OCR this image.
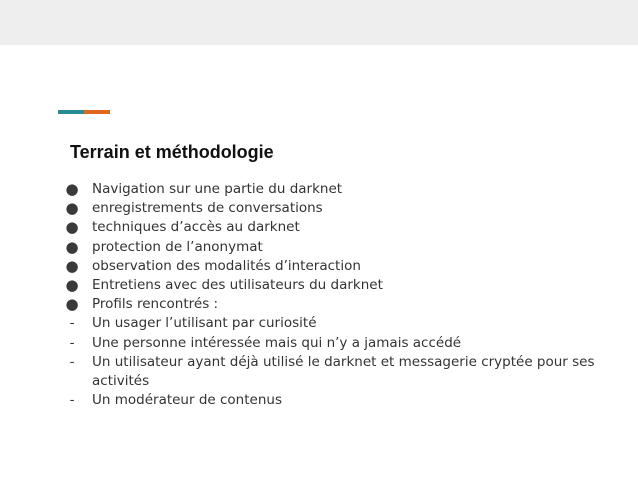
Terrain et méthodologie
● Navigation sur une partie du darknet
● enregistrements de conversations
● techniques d’accès au darknet
● protection de l’anonymat
● observation des modalités d’interaction
● Entretiens avec des utilisateurs du darknet
● Profils rencontrés :
-	Un usager l’utilisant par curiosité
-	Une personne intéressée mais qui n’y a jamais accédé
-	Un utilisateur ayant déjà utilisé le darknet et messagerie cryptée pour ses activités
-	Un modérateur de contenus
